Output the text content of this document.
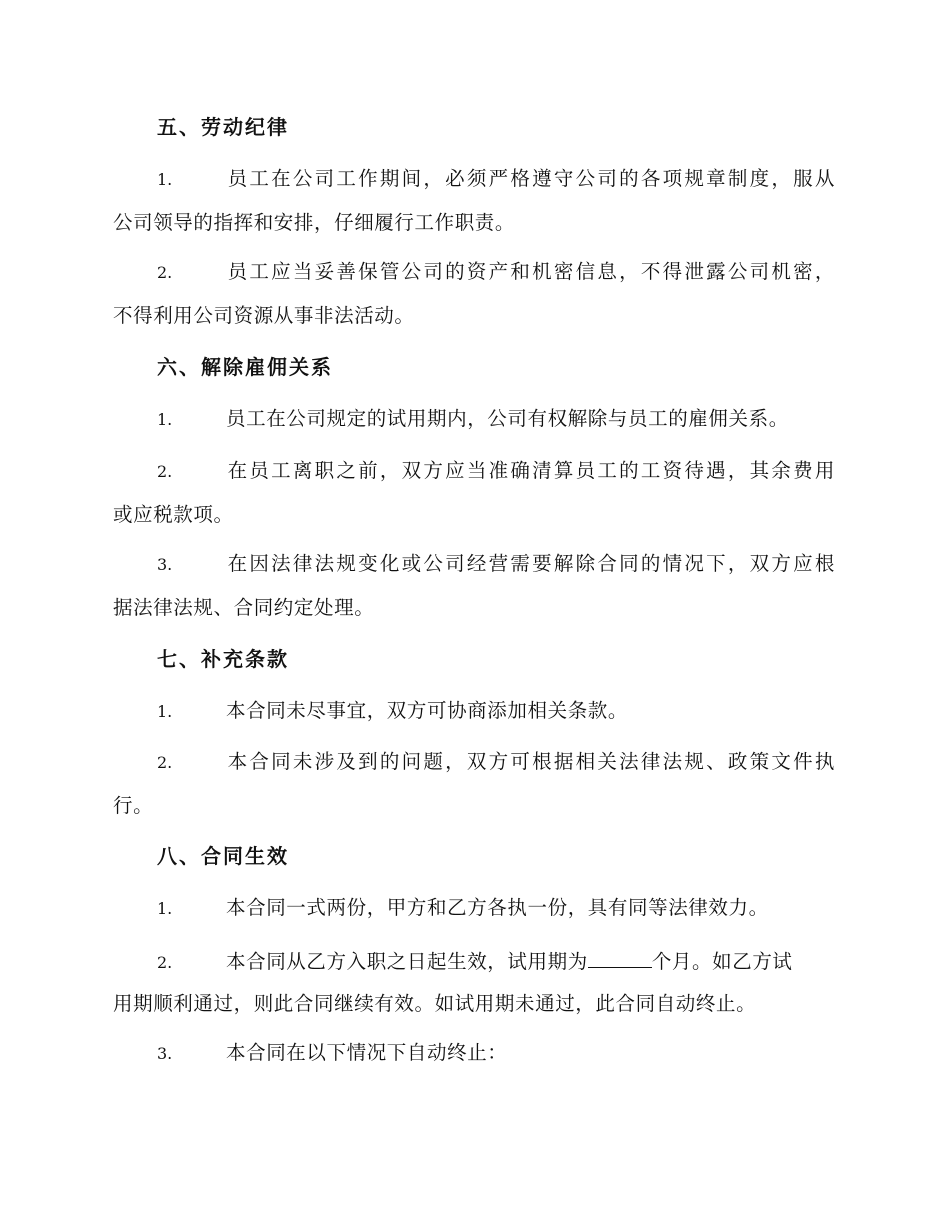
五、劳动纪律
1.	员工在公司工作期间，必须严格遵守公司的各项规章制度，服从
公司领导的指挥和安排，仔细履行工作职责。
2.	员工应当妥善保管公司的资产和机密信息，不得泄露公司机密，
不得利用公司资源从事非法活动。
六、解除雇佣关系
1.	员工在公司规定的试用期内，公司有权解除与员工的雇佣关系。
2.	在员工离职之前，双方应当准确清算员工的工资待遇，其余费用
或应税款项。
3.	在因法律法规变化或公司经营需要解除合同的情况下，双方应根
据法律法规、合同约定处理。
七、补充条款
1.	本合同未尽事宜，双方可协商添加相关条款。
2.	本合同未涉及到的问题，双方可根据相关法律法规、政策文件执
行。
八、合同生效
1.	本合同一式两份，甲方和乙方各执一份，具有同等法律效力。
2.	本合同从乙方入职之日起生效，试用期为	个月。如乙方试
用期顺利通过，则此合同继续有效。如试用期未通过，此合同自动终止。
3.	本合同在以下情况下自动终止：
